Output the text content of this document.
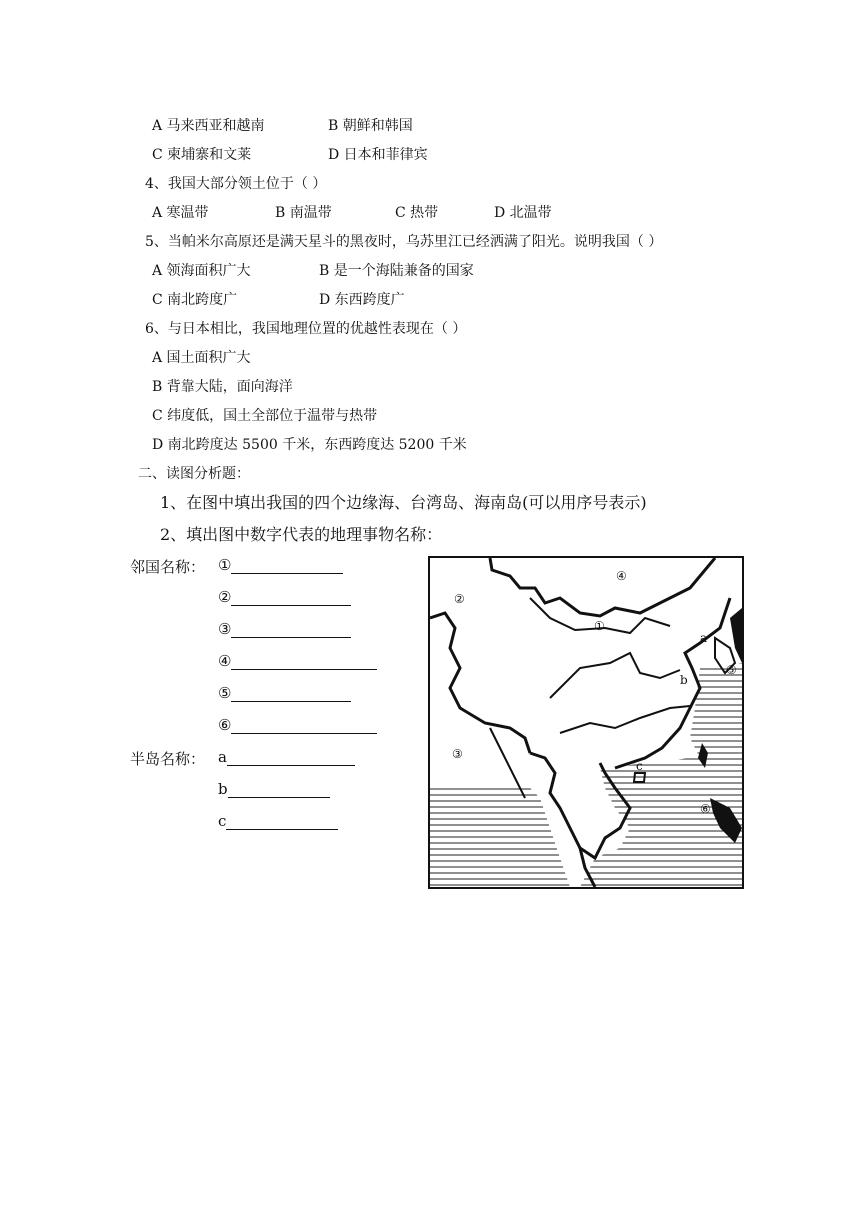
A 马来西亚和越南	B 朝鲜和韩国
C 柬埔寨和文莱	D 日本和菲律宾
4、我国大部分领土位于（ ）
A 寒温带	B 南温带	C 热带	D 北温带
5、当帕米尔高原还是满天星斗的黑夜时，乌苏里江已经洒满了阳光。说明我国（ ）
A 领海面积广大	B 是一个海陆兼备的国家
C 南北跨度广	D 东西跨度广
6、与日本相比，我国地理位置的优越性表现在（ ）
A 国土面积广大
B 背靠大陆，面向海洋
C 纬度低，国土全部位于温带与热带
D 南北跨度达 5500 千米，东西跨度达 5200 千米
二、读图分析题：
1、在图中填出我国的四个边缘海、台湾岛、海南岛(可以用序号表示)
2、填出图中数字代表的地理事物名称：
邻国名称： ①
②
③
④
⑤
⑥
半岛名称： a
b
c
④
②
①
③
⑤
⑥
a
b
c
